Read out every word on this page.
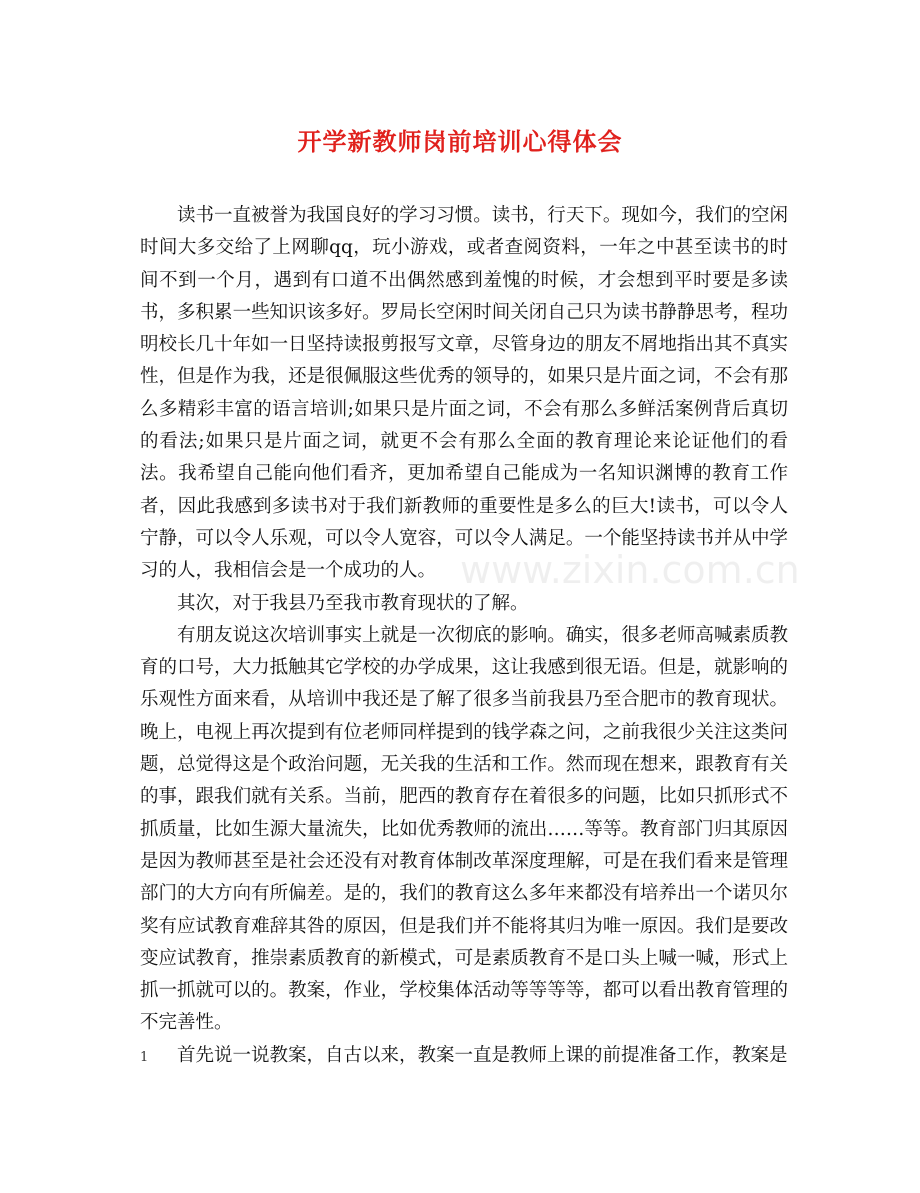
开学新教师岗前培训心得体会

读书一直被誉为我国良好的学习习惯。读书，行天下。现如今，我们的空闲时间大多交给了上网聊qq，玩小游戏，或者查阅资料，一年之中甚至读书的时间不到一个月，遇到有口道不出偶然感到羞愧的时候，才会想到平时要是多读书，多积累一些知识该多好。罗局长空闲时间关闭自己只为读书静静思考，程功明校长几十年如一日坚持读报剪报写文章，尽管身边的朋友不屑地指出其不真实性，但是作为我，还是很佩服这些优秀的领导的，如果只是片面之词，不会有那么多精彩丰富的语言培训;如果只是片面之词，不会有那么多鲜活案例背后真切的看法;如果只是片面之词，就更不会有那么全面的教育理论来论证他们的看法。我希望自己能向他们看齐，更加希望自己能成为一名知识渊博的教育工作者，因此我感到多读书对于我们新教师的重要性是多么的巨大!读书，可以令人宁静，可以令人乐观，可以令人宽容，可以令人满足。一个能坚持读书并从中学习的人，我相信会是一个成功的人。

其次，对于我县乃至我市教育现状的了解。

有朋友说这次培训事实上就是一次彻底的影响。确实，很多老师高喊素质教育的口号，大力抵触其它学校的办学成果，这让我感到很无语。但是，就影响的乐观性方面来看，从培训中我还是了解了很多当前我县乃至合肥市的教育现状。晚上，电视上再次提到有位老师同样提到的钱学森之问，之前我很少关注这类问题，总觉得这是个政治问题，无关我的生活和工作。然而现在想来，跟教育有关的事，跟我们就有关系。当前，肥西的教育存在着很多的问题，比如只抓形式不抓质量，比如生源大量流失，比如优秀教师的流出……等等。教育部门归其原因是因为教师甚至是社会还没有对教育体制改革深度理解，可是在我们看来是管理部门的大方向有所偏差。是的，我们的教育这么多年来都没有培养出一个诺贝尔奖有应试教育难辞其咎的原因，但是我们并不能将其归为唯一原因。我们是要改变应试教育，推崇素质教育的新模式，可是素质教育不是口头上喊一喊，形式上抓一抓就可以的。教案，作业，学校集体活动等等等等，都可以看出教育管理的不完善性。

首先说一说教案，自古以来，教案一直是教师上课的前提准备工作，教案是

www.zixin.com.cn
1
